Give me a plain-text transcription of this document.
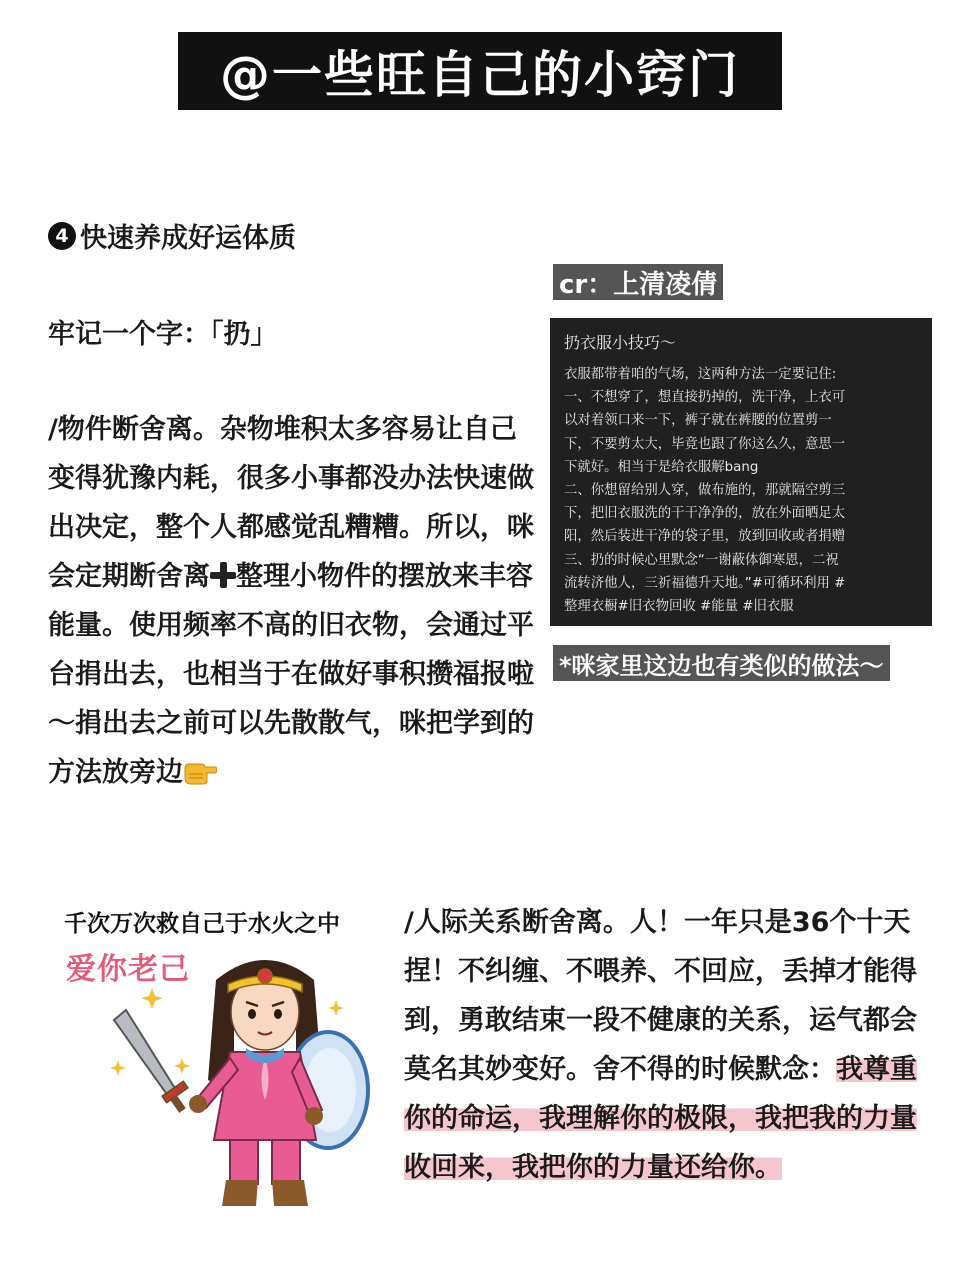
@一些旺自己的小窍门
4 快速养成好运体质
牢记一个字：「扔」
/物件断舍离。杂物堆积太多容易让自己变得犹豫内耗，很多小事都没办法快速做出决定，整个人都感觉乱糟糟。所以，咪会定期断舍离 整理小物件的摆放来丰容能量。使用频率不高的旧衣物，会通过平台捐出去，也相当于在做好事积攒福报啦～捐出去之前可以先散散气，咪把学到的方法放旁边
cr：上清凌倩
扔衣服小技巧～
衣服都带着咱的气场，这两种方法一定要记住:
一、不想穿了，想直接扔掉的，洗干净，上衣可
以对着领口来一下，裤子就在裤腰的位置剪一
下，不要剪太大，毕竟也跟了你这么久，意思一
下就好。相当于是给衣服解bang
二、你想留给别人穿，做布施的，那就隔空剪三
下，把旧衣服洗的干干净净的，放在外面晒足太
阳，然后装进干净的袋子里，放到回收或者捐赠
三、扔的时候心里默念“一谢蔽体御寒恩，二祝
流转济他人，三祈福德升天地。”#可循环利用 #
整理衣橱#旧衣物回收 #能量 #旧衣服
*咪家里这边也有类似的做法～
千次万次救自己于水火之中
爱你老己
/人际关系断舍离。人！一年只是36个十天捏！不纠缠、不喂养、不回应，丢掉才能得到，勇敢结束一段不健康的关系，运气都会莫名其妙变好。舍不得的时候默念：我尊重你的命运，我理解你的极限，我把我的力量收回来，我把你的力量还给你。
